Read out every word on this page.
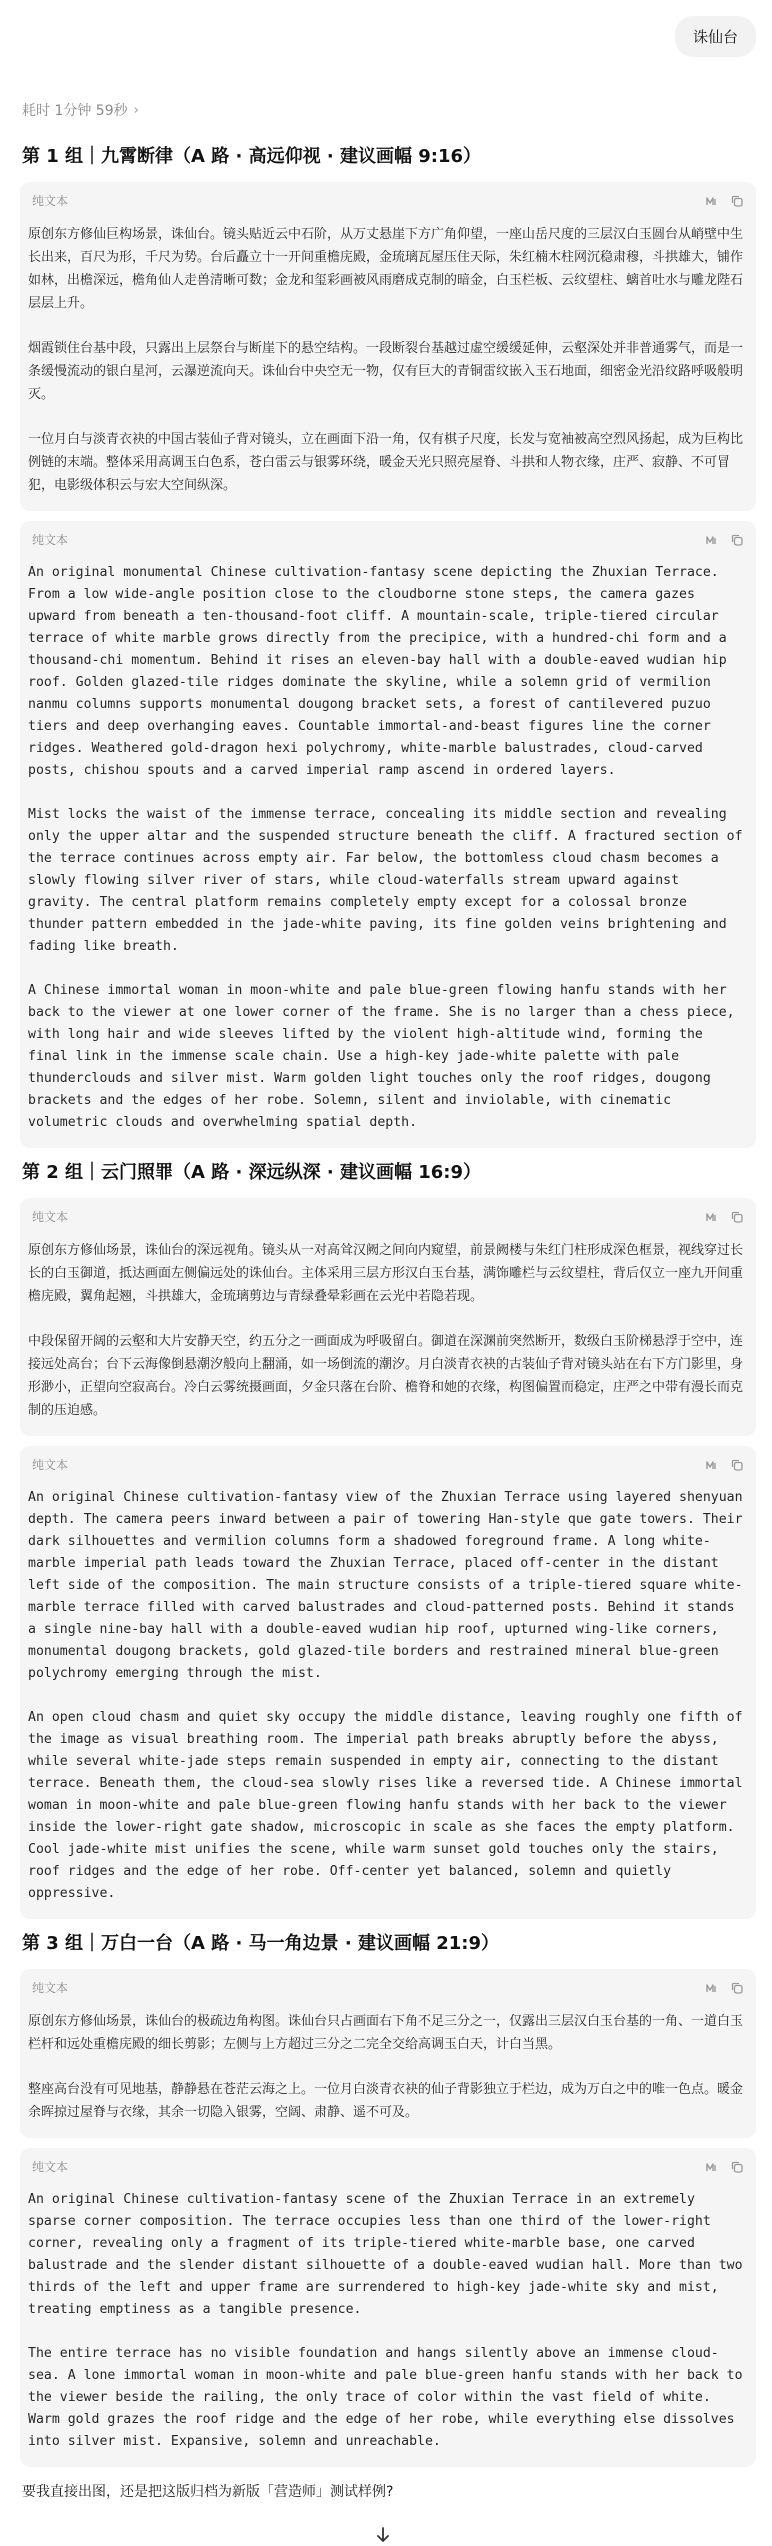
诛仙台
耗时 1分钟 59秒 ›
第 1 组｜九霄断律（A 路 · 高远仰视 · 建议画幅 9:16）
纯文本

原创东方修仙巨构场景，诛仙台。镜头贴近云中石阶，从万丈悬崖下方广角仰望，一座山岳尺度的三层汉白玉圆台从峭壁中生长出来，百尺为形，千尺为势。台后矗立十一开间重檐庑殿，金琉璃瓦屋压住天际，朱红楠木柱网沉稳肃穆，斗拱雄大，铺作如林，出檐深远，檐角仙人走兽清晰可数；金龙和玺彩画被风雨磨成克制的暗金，白玉栏板、云纹望柱、螭首吐水与雕龙陛石层层上升。

烟霞锁住台基中段，只露出上层祭台与断崖下的悬空结构。一段断裂台基越过虚空缓缓延伸，云壑深处并非普通雾气，而是一条缓慢流动的银白星河，云瀑逆流向天。诛仙台中央空无一物，仅有巨大的青铜雷纹嵌入玉石地面，细密金光沿纹路呼吸般明灭。

一位月白与淡青衣袂的中国古装仙子背对镜头，立在画面下沿一角，仅有棋子尺度，长发与宽袖被高空烈风扬起，成为巨构比例链的末端。整体采用高调玉白色系，苍白雷云与银雾环绕，暖金天光只照亮屋脊、斗拱和人物衣缘，庄严、寂静、不可冒犯，电影级体积云与宏大空间纵深。

纯文本

An original monumental Chinese cultivation-fantasy scene depicting the Zhuxian Terrace. From a low wide-angle position close to the cloudborne stone steps, the camera gazes upward from beneath a ten-thousand-foot cliff. A mountain-scale, triple-tiered circular terrace of white marble grows directly from the precipice, with a hundred-chi form and a thousand-chi momentum. Behind it rises an eleven-bay hall with a double-eaved wudian hip roof. Golden glazed-tile ridges dominate the skyline, while a solemn grid of vermilion nanmu columns supports monumental dougong bracket sets, a forest of cantilevered puzuo tiers and deep overhanging eaves. Countable immortal-and-beast figures line the corner ridges. Weathered gold-dragon hexi polychromy, white-marble balustrades, cloud-carved posts, chishou spouts and a carved imperial ramp ascend in ordered layers.

Mist locks the waist of the immense terrace, concealing its middle section and revealing only the upper altar and the suspended structure beneath the cliff. A fractured section of the terrace continues across empty air. Far below, the bottomless cloud chasm becomes a slowly flowing silver river of stars, while cloud-waterfalls stream upward against gravity. The central platform remains completely empty except for a colossal bronze thunder pattern embedded in the jade-white paving, its fine golden veins brightening and fading like breath.

A Chinese immortal woman in moon-white and pale blue-green flowing hanfu stands with her back to the viewer at one lower corner of the frame. She is no larger than a chess piece, with long hair and wide sleeves lifted by the violent high-altitude wind, forming the final link in the immense scale chain. Use a high-key jade-white palette with pale thunderclouds and silver mist. Warm golden light touches only the roof ridges, dougong brackets and the edges of her robe. Solemn, silent and inviolable, with cinematic volumetric clouds and overwhelming spatial depth.

第 2 组｜云门照罪（A 路 · 深远纵深 · 建议画幅 16:9）
纯文本

原创东方修仙场景，诛仙台的深远视角。镜头从一对高耸汉阙之间向内窥望，前景阙楼与朱红门柱形成深色框景，视线穿过长长的白玉御道，抵达画面左侧偏远处的诛仙台。主体采用三层方形汉白玉台基，满饰雕栏与云纹望柱，背后仅立一座九开间重檐庑殿，翼角起翘，斗拱雄大，金琉璃剪边与青绿叠晕彩画在云光中若隐若现。

中段保留开阔的云壑和大片安静天空，约五分之一画面成为呼吸留白。御道在深渊前突然断开，数级白玉阶梯悬浮于空中，连接远处高台；台下云海像倒悬潮汐般向上翻涌，如一场倒流的潮汐。月白淡青衣袂的古装仙子背对镜头站在右下方门影里，身形渺小，正望向空寂高台。冷白云雾统摄画面，夕金只落在台阶、檐脊和她的衣缘，构图偏置而稳定，庄严之中带有漫长而克制的压迫感。

纯文本

An original Chinese cultivation-fantasy view of the Zhuxian Terrace using layered shenyuan depth. The camera peers inward between a pair of towering Han-style que gate towers. Their dark silhouettes and vermilion columns form a shadowed foreground frame. A long white-marble imperial path leads toward the Zhuxian Terrace, placed off-center in the distant left side of the composition. The main structure consists of a triple-tiered square white-marble terrace filled with carved balustrades and cloud-patterned posts. Behind it stands a single nine-bay hall with a double-eaved wudian hip roof, upturned wing-like corners, monumental dougong brackets, gold glazed-tile borders and restrained mineral blue-green polychromy emerging through the mist.

An open cloud chasm and quiet sky occupy the middle distance, leaving roughly one fifth of the image as visual breathing room. The imperial path breaks abruptly before the abyss, while several white-jade steps remain suspended in empty air, connecting to the distant terrace. Beneath them, the cloud-sea slowly rises like a reversed tide. A Chinese immortal woman in moon-white and pale blue-green flowing hanfu stands with her back to the viewer inside the lower-right gate shadow, microscopic in scale as she faces the empty platform. Cool jade-white mist unifies the scene, while warm sunset gold touches only the stairs, roof ridges and the edge of her robe. Off-center yet balanced, solemn and quietly oppressive.

第 3 组｜万白一台（A 路 · 马一角边景 · 建议画幅 21:9）
纯文本

原创东方修仙场景，诛仙台的极疏边角构图。诛仙台只占画面右下角不足三分之一，仅露出三层汉白玉台基的一角、一道白玉栏杆和远处重檐庑殿的细长剪影；左侧与上方超过三分之二完全交给高调玉白天，计白当黑。

整座高台没有可见地基，静静悬在苍茫云海之上。一位月白淡青衣袂的仙子背影独立于栏边，成为万白之中的唯一色点。暖金余晖掠过屋脊与衣缘，其余一切隐入银雾，空阔、肃静、遥不可及。

纯文本

An original Chinese cultivation-fantasy scene of the Zhuxian Terrace in an extremely sparse corner composition. The terrace occupies less than one third of the lower-right corner, revealing only a fragment of its triple-tiered white-marble base, one carved balustrade and the slender distant silhouette of a double-eaved wudian hall. More than two thirds of the left and upper frame are surrendered to high-key jade-white sky and mist, treating emptiness as a tangible presence.

The entire terrace has no visible foundation and hangs silently above an immense cloud-sea. A lone immortal woman in moon-white and pale blue-green hanfu stands with her back to the viewer beside the railing, the only trace of color within the vast field of white. Warm gold grazes the roof ridge and the edge of her robe, while everything else dissolves into silver mist. Expansive, solemn and unreachable.

要我直接出图，还是把这版归档为新版「营造师」测试样例?
